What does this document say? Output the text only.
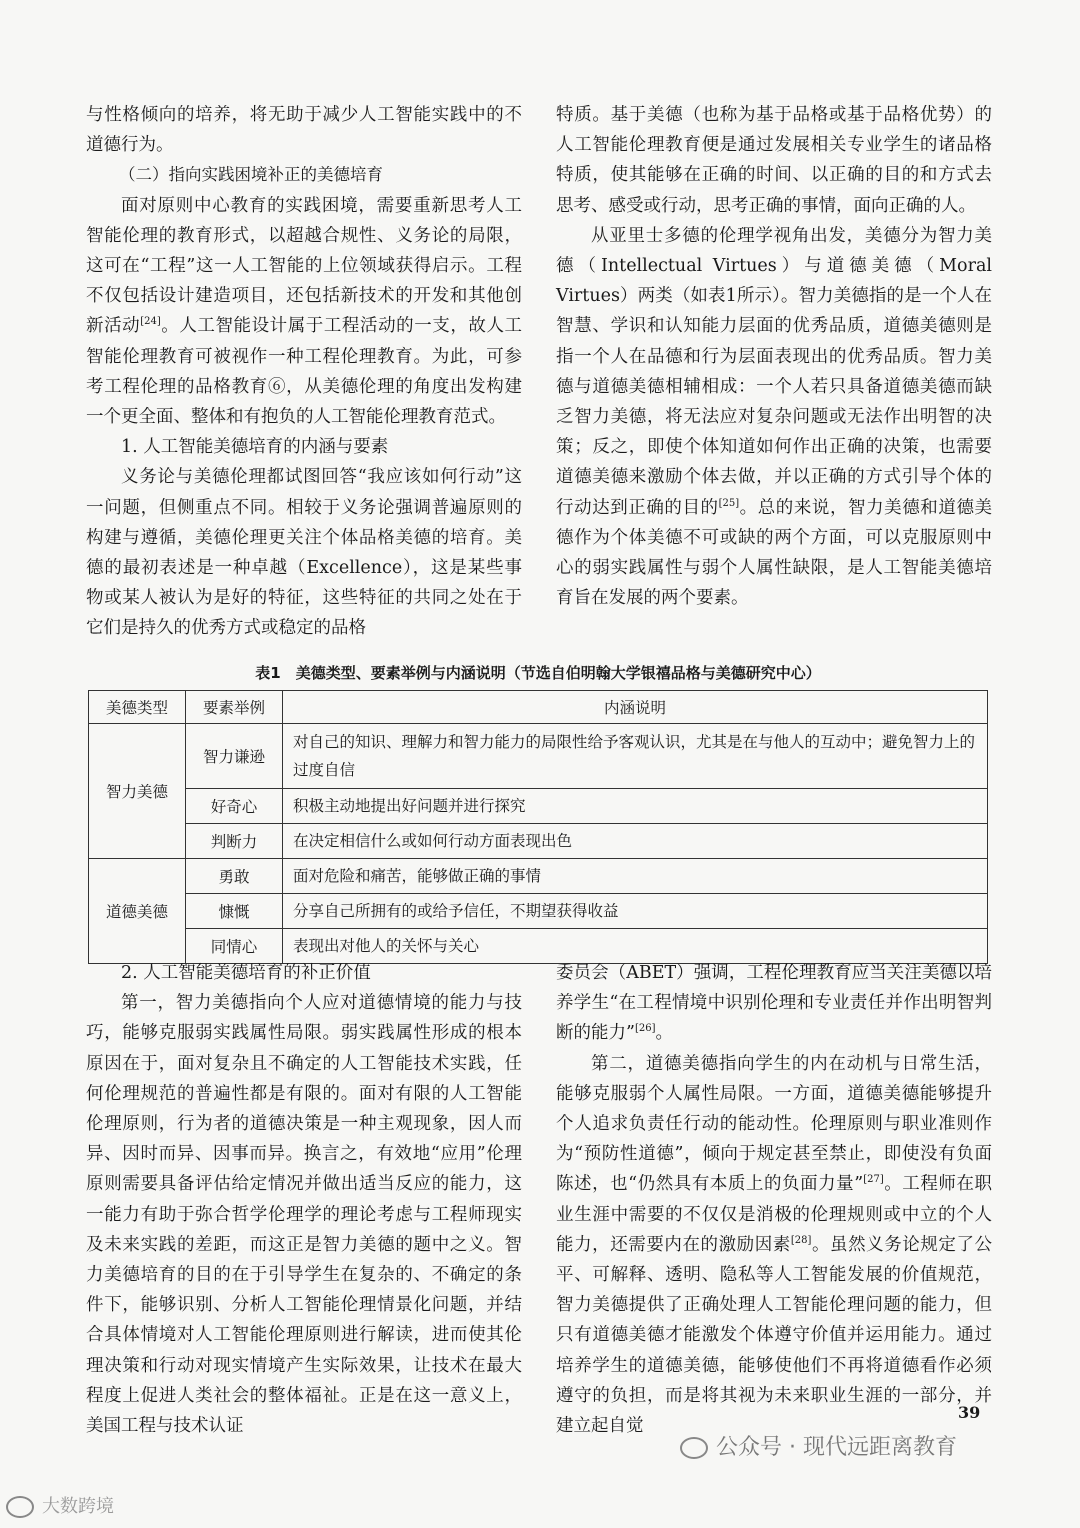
与性格倾向的培养，将无助于减少人工智能实践中的不道德行为。

（二）指向实践困境补正的美德培育

面对原则中心教育的实践困境，需要重新思考人工智能伦理的教育形式，以超越合规性、义务论的局限，这可在“工程”这一人工智能的上位领域获得启示。工程不仅包括设计建造项目，还包括新技术的开发和其他创新活动[24]。人工智能设计属于工程活动的一支，故人工智能伦理教育可被视作一种工程伦理教育。为此，可参考工程伦理的品格教育⑥，从美德伦理的角度出发构建一个更全面、整体和有抱负的人工智能伦理教育范式。

1. 人工智能美德培育的内涵与要素

义务论与美德伦理都试图回答“我应该如何行动”这一问题，但侧重点不同。相较于义务论强调普遍原则的构建与遵循，美德伦理更关注个体品格美德的培育。美德的最初表述是一种卓越（Excellence），这是某些事物或某人被认为是好的特征，这些特征的共同之处在于它们是持久的优秀方式或稳定的品格

特质。基于美德（也称为基于品格或基于品格优势）的人工智能伦理教育便是通过发展相关专业学生的诸品格特质，使其能够在正确的时间、以正确的目的和方式去思考、感受或行动，思考正确的事情，面向正确的人。

从亚里士多德的伦理学视角出发，美德分为智力美德（Intellectual Virtues）与道德美德（Moral Virtues）两类（如表1所示）。智力美德指的是一个人在智慧、学识和认知能力层面的优秀品质，道德美德则是指一个人在品德和行为层面表现出的优秀品质。智力美德与道德美德相辅相成：一个人若只具备道德美德而缺乏智力美德，将无法应对复杂问题或无法作出明智的决策；反之，即使个体知道如何作出正确的决策，也需要道德美德来激励个体去做，并以正确的方式引导个体的行动达到正确的目的[25]。总的来说，智力美德和道德美德作为个体美德不可或缺的两个方面，可以克服原则中心的弱实践属性与弱个人属性缺限，是人工智能美德培育旨在发展的两个要素。

表1　美德类型、要素举例与内涵说明（节选自伯明翰大学银禧品格与美德研究中心）
美德类型	要素举例	内涵说明
智力美德	智力谦逊	对自己的知识、理解力和智力能力的局限性给予客观认识，尤其是在与他人的互动中；避免智力上的过度自信
	好奇心	积极主动地提出好问题并进行探究
	判断力	在决定相信什么或如何行动方面表现出色
道德美德	勇敢	面对危险和痛苦，能够做正确的事情
	慷慨	分享自己所拥有的或给予信任，不期望获得收益
	同情心	表现出对他人的关怀与关心

2. 人工智能美德培育的补正价值

第一，智力美德指向个人应对道德情境的能力与技巧，能够克服弱实践属性局限。弱实践属性形成的根本原因在于，面对复杂且不确定的人工智能技术实践，任何伦理规范的普遍性都是有限的。面对有限的人工智能伦理原则，行为者的道德决策是一种主观现象，因人而异、因时而异、因事而异。换言之，有效地“应用”伦理原则需要具备评估给定情况并做出适当反应的能力，这一能力有助于弥合哲学伦理学的理论考虑与工程师现实及未来实践的差距，而这正是智力美德的题中之义。智力美德培育的目的在于引导学生在复杂的、不确定的条件下，能够识别、分析人工智能伦理情景化问题，并结合具体情境对人工智能伦理原则进行解读，进而使其伦理决策和行动对现实情境产生实际效果，让技术在最大程度上促进人类社会的整体福祉。正是在这一意义上，美国工程与技术认证

委员会（ABET）强调，工程伦理教育应当关注美德以培养学生“在工程情境中识别伦理和专业责任并作出明智判断的能力”[26]。

第二，道德美德指向学生的内在动机与日常生活，能够克服弱个人属性局限。一方面，道德美德能够提升个人追求负责任行动的能动性。伦理原则与职业准则作为“预防性道德”，倾向于规定甚至禁止，即使没有负面陈述，也“仍然具有本质上的负面力量”[27]。工程师在职业生涯中需要的不仅仅是消极的伦理规则或中立的个人能力，还需要内在的激励因素[28]。虽然义务论规定了公平、可解释、透明、隐私等人工智能发展的价值规范，智力美德提供了正确处理人工智能伦理问题的能力，但只有道德美德才能激发个体遵守价值并运用能力。通过培养学生的道德美德，能够使他们不再将道德看作必须遵守的负担，而是将其视为未来职业生涯的一部分，并建立起自觉

39
公众号 · 现代远距离教育
大数跨境
